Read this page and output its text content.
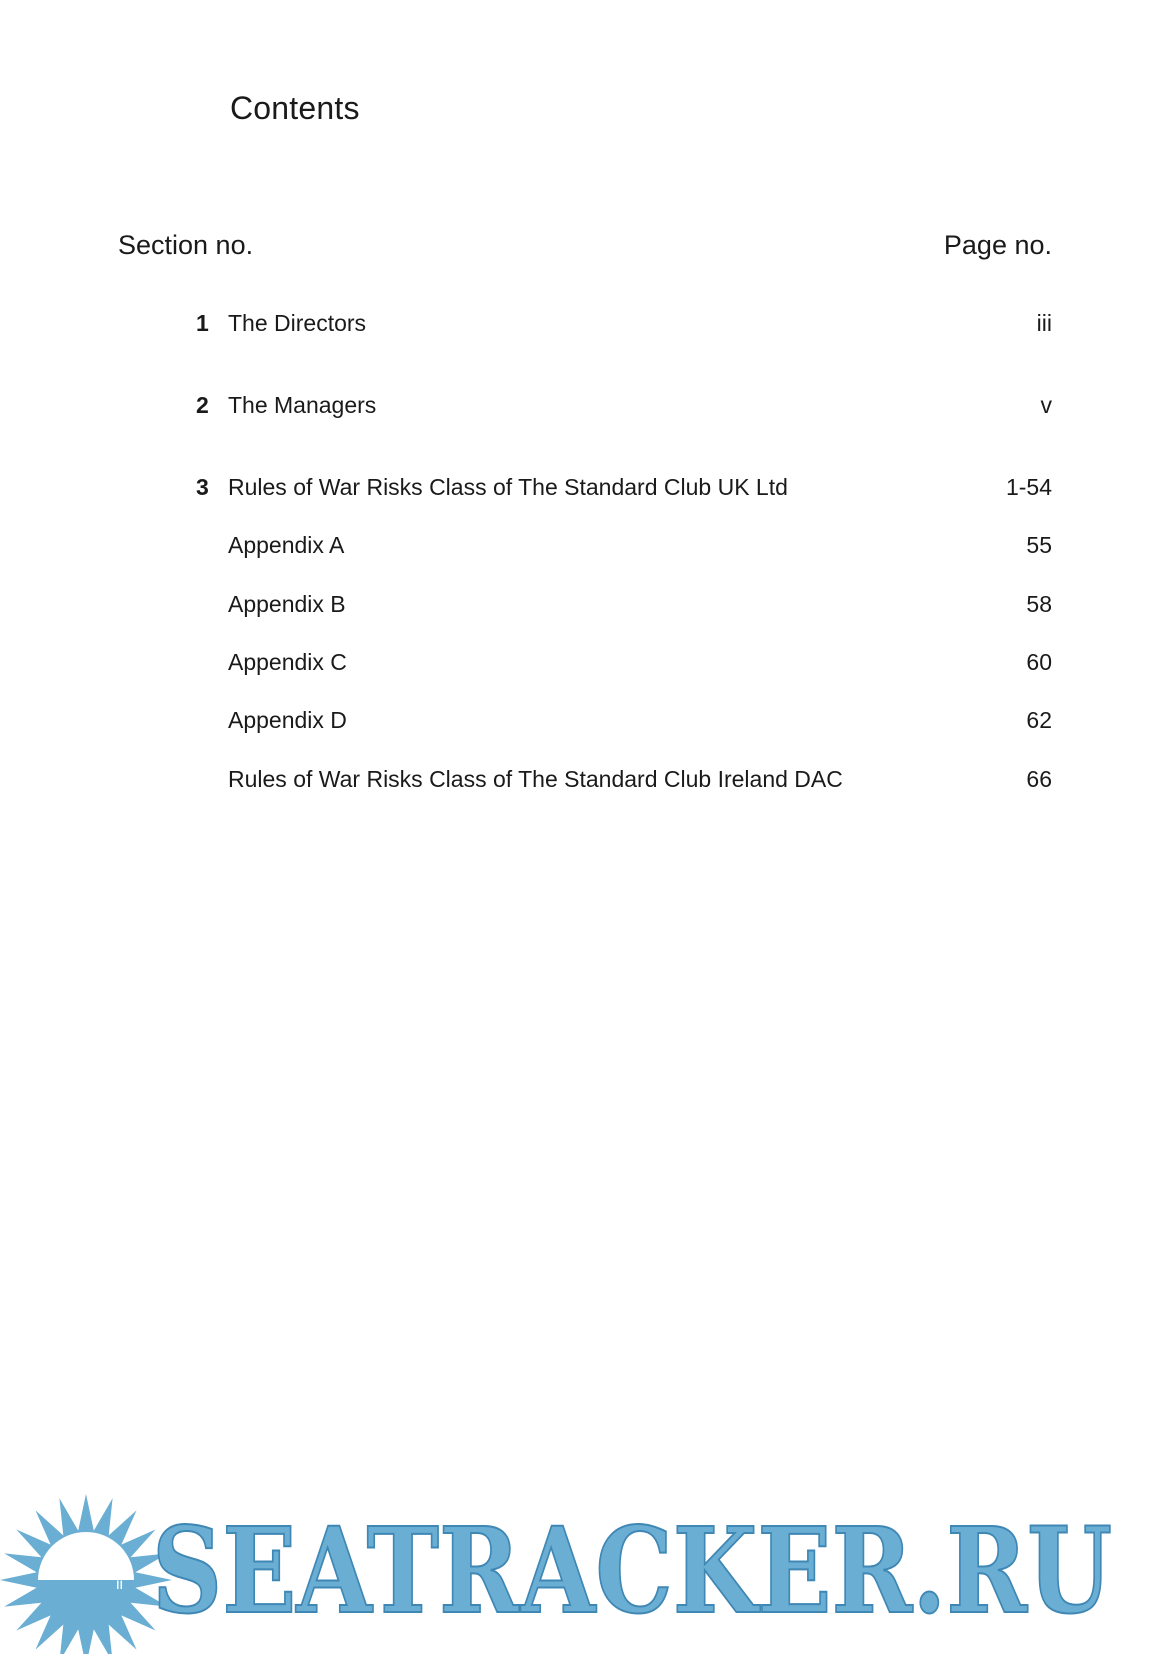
Contents
Section no.	Page no.
1 The Directors	iii
2 The Managers	v
3 Rules of War Risks Class of The Standard Club UK Ltd	1-54
Appendix A	55
Appendix B	58
Appendix C	60
Appendix D	62
Rules of War Risks Class of The Standard Club Ireland DAC	66
SEATRACKER.RU
ii
